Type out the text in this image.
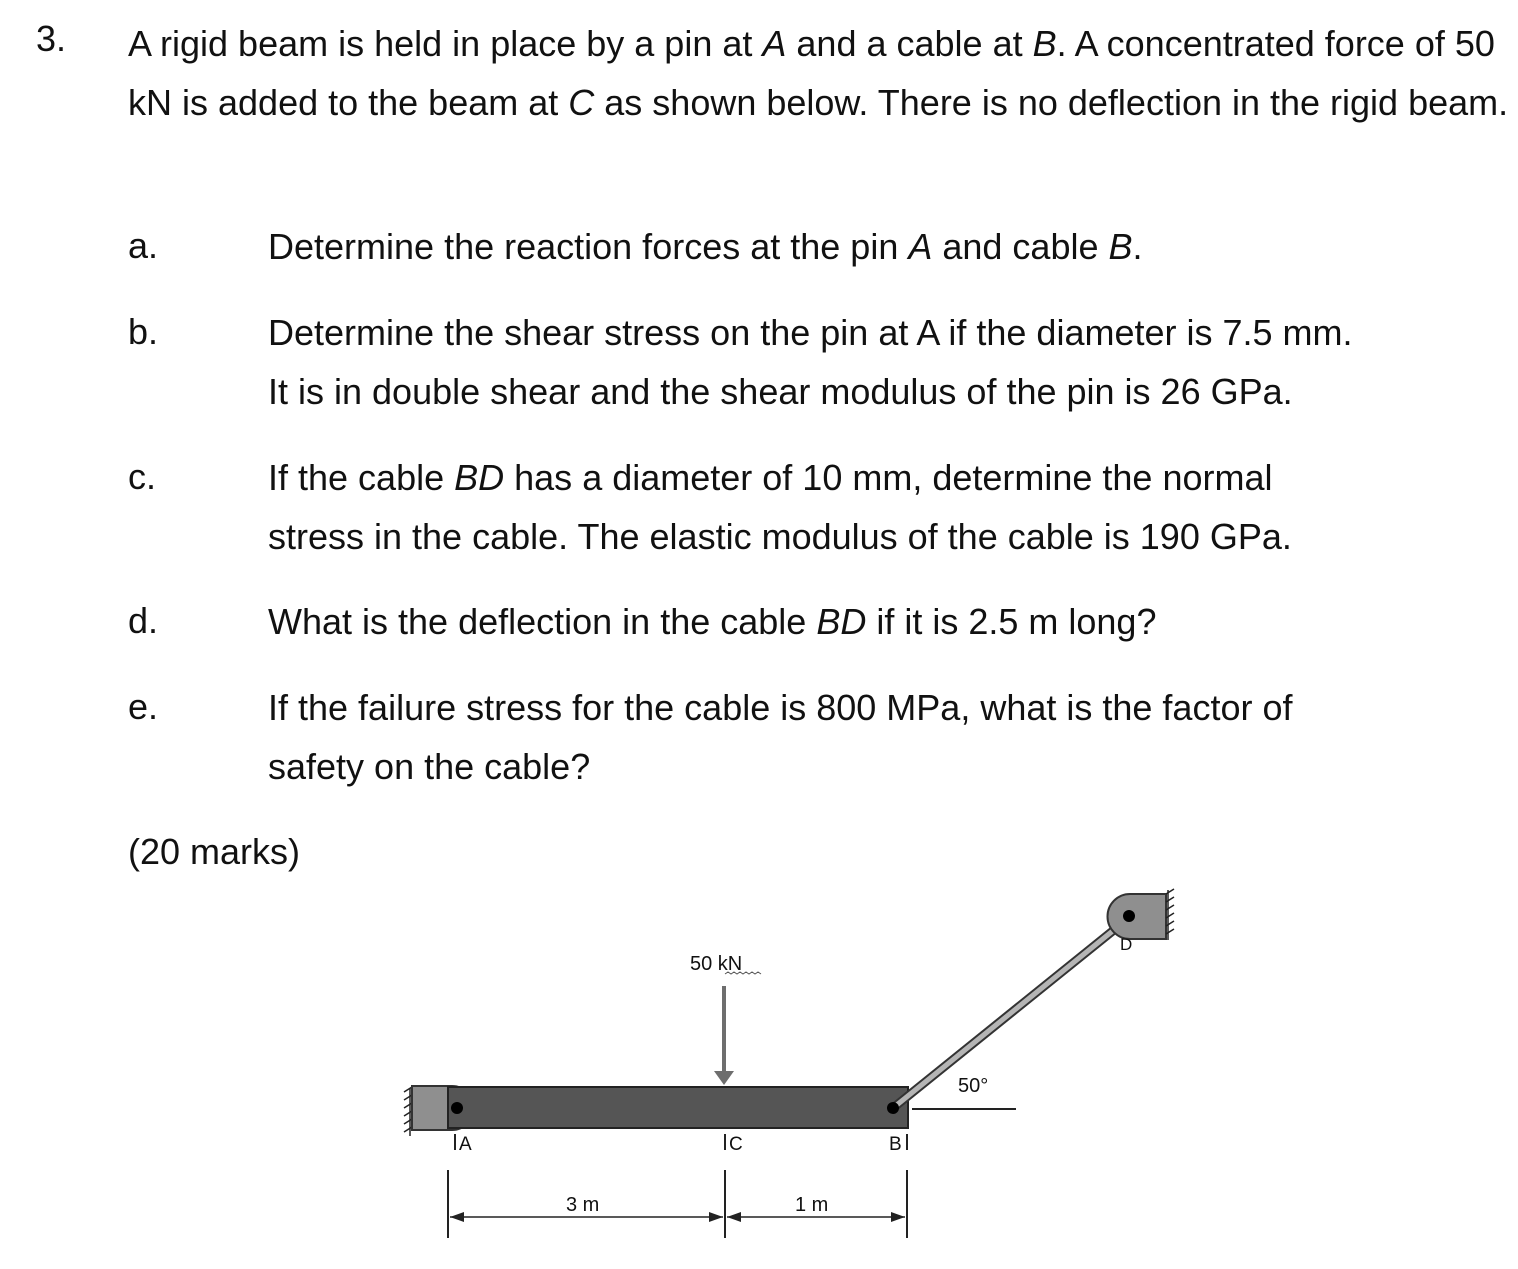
3. A rigid beam is held in place by a pin at A and a cable at B. A concentrated force of 50 kN is added to the beam at C as shown below. There is no deflection in the rigid beam.

a.	Determine the reaction forces at the pin A and cable B.
b.	Determine the shear stress on the pin at A if the diameter is 7.5 mm.
It is in double shear and the shear modulus of the pin is 26 GPa.
c.	If the cable BD has a diameter of 10 mm, determine the normal
stress in the cable. The elastic modulus of the cable is 190 GPa.
d.	What is the deflection in the cable BD if it is 2.5 m long?
e.	If the failure stress for the cable is 800 MPa, what is the factor of
safety on the cable?
(20 marks)
50 kN
50°
D
A	C	B
3 m	1 m
